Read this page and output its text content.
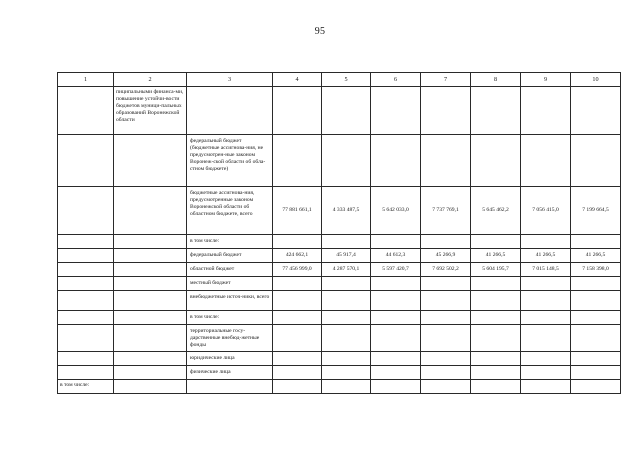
95
1	2	3	4	5	6	7	8	9	10
	пиципальными финанса-ми, повышение устойчи-вости бюджетов муници-пальных образований Воронежской области								
		федеральный бюджет (бюджетные ассигнова-ния, не предусмотрен-ные законом Воронеж-ской области об обла-стном бюджете)							
		бюджетные ассигнова-ния, предусмотренные законом Воронежской области об областном бюджете, всего	77 881 661,1	4 333 487,5	5 642 033,0	7 737 769,1	5 645 462,2	7 056 415,0	7 199 664,5
		в том числе:							
		федеральный бюджет	424 662,1	45 917,4	44 612,3	45 266,9	41 266,5	41 266,5	41 266,5
		областной бюджет	77 456 999,0	4 287 570,1	5 597 420,7	7 692 502,2	5 604 195,7	7 015 148,5	7 158 398,0
		местный бюджет							
		внебюджетные источ-ники, всего							
		в том числе:							
		территориальные госу-дарственные внебюд-жетные фонды							
		юридические лица							
		физические лица							
в том числе:									
